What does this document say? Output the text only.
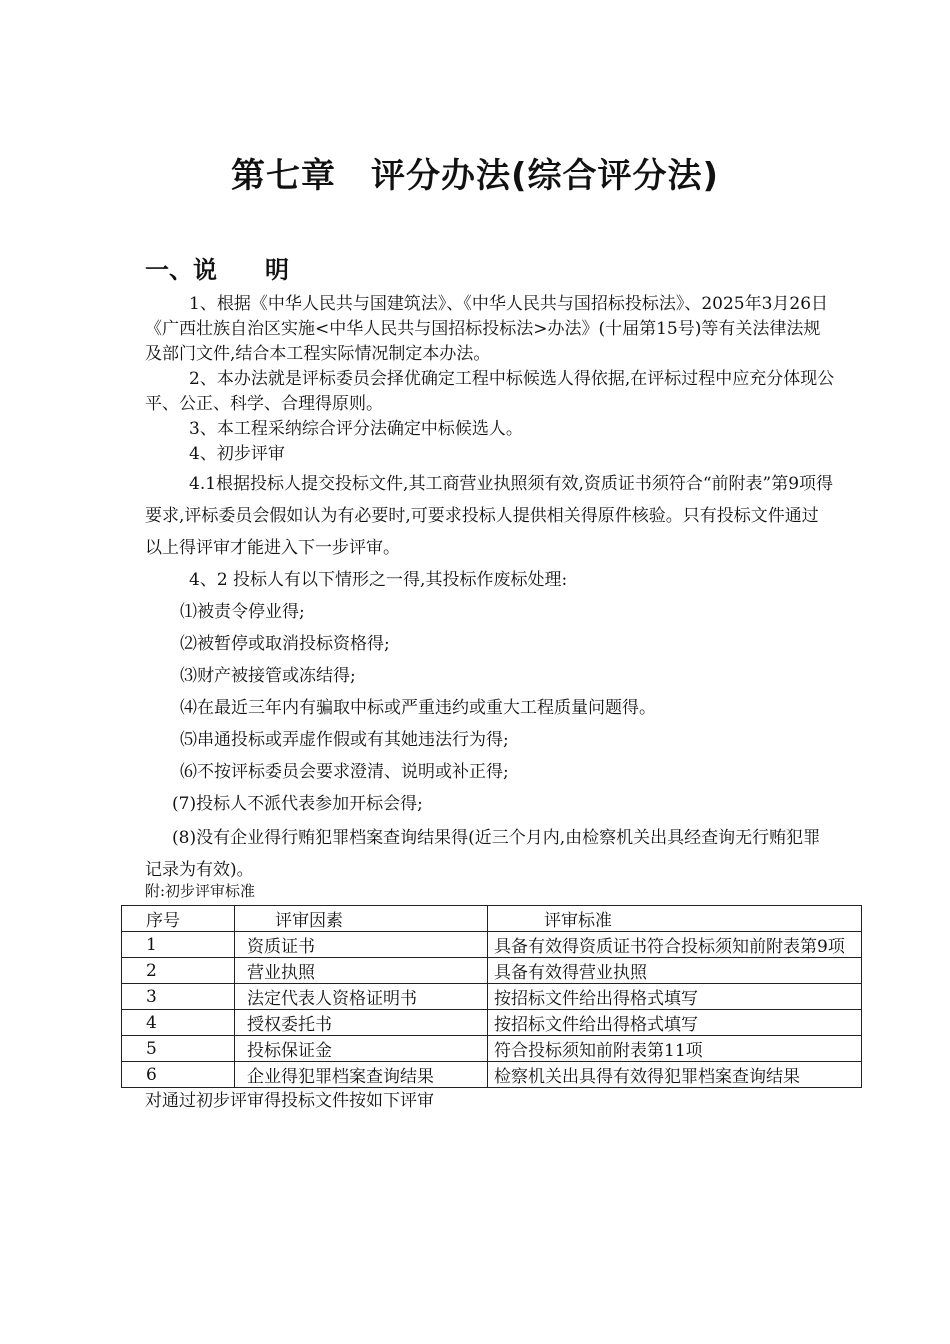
第七章　评分办法(综合评分法)
一、说　　明

1、根据《中华人民共与国建筑法》、《中华人民共与国招标投标法》、2025年3月26日《广西壮族自治区实施<中华人民共与国招标投标法>办法》(十届第15号)等有关法律法规及部门文件,结合本工程实际情况制定本办法。

2、本办法就是评标委员会择优确定工程中标候选人得依据,在评标过程中应充分体现公平、公正、科学、合理得原则。

3、本工程采纳综合评分法确定中标候选人。

4、初步评审

4.1根据投标人提交投标文件,其工商营业执照须有效,资质证书须符合“前附表”第9项得要求,评标委员会假如认为有必要时,可要求投标人提供相关得原件核验。只有投标文件通过以上得评审才能进入下一步评审。

4、2 投标人有以下情形之一得,其投标作废标处理:

⑴被责令停业得;

⑵被暂停或取消投标资格得;

⑶财产被接管或冻结得;

⑷在最近三年内有骗取中标或严重违约或重大工程质量问题得。

⑸串通投标或弄虚作假或有其她违法行为得;

⑹不按评标委员会要求澄清、说明或补正得;

(7)投标人不派代表参加开标会得;

(8)没有企业得行贿犯罪档案查询结果得(近三个月内,由检察机关出具经查询无行贿犯罪记录为有效)。

附:初步评审标准

序号	评审因素	评审标准
1	资质证书	具备有效得资质证书符合投标须知前附表第9项
2	营业执照	具备有效得营业执照
3	法定代表人资格证明书	按招标文件给出得格式填写
4	授权委托书	按招标文件给出得格式填写
5	投标保证金	符合投标须知前附表第11项
6	企业得犯罪档案查询结果	检察机关出具得有效得犯罪档案查询结果

对通过初步评审得投标文件按如下评审
